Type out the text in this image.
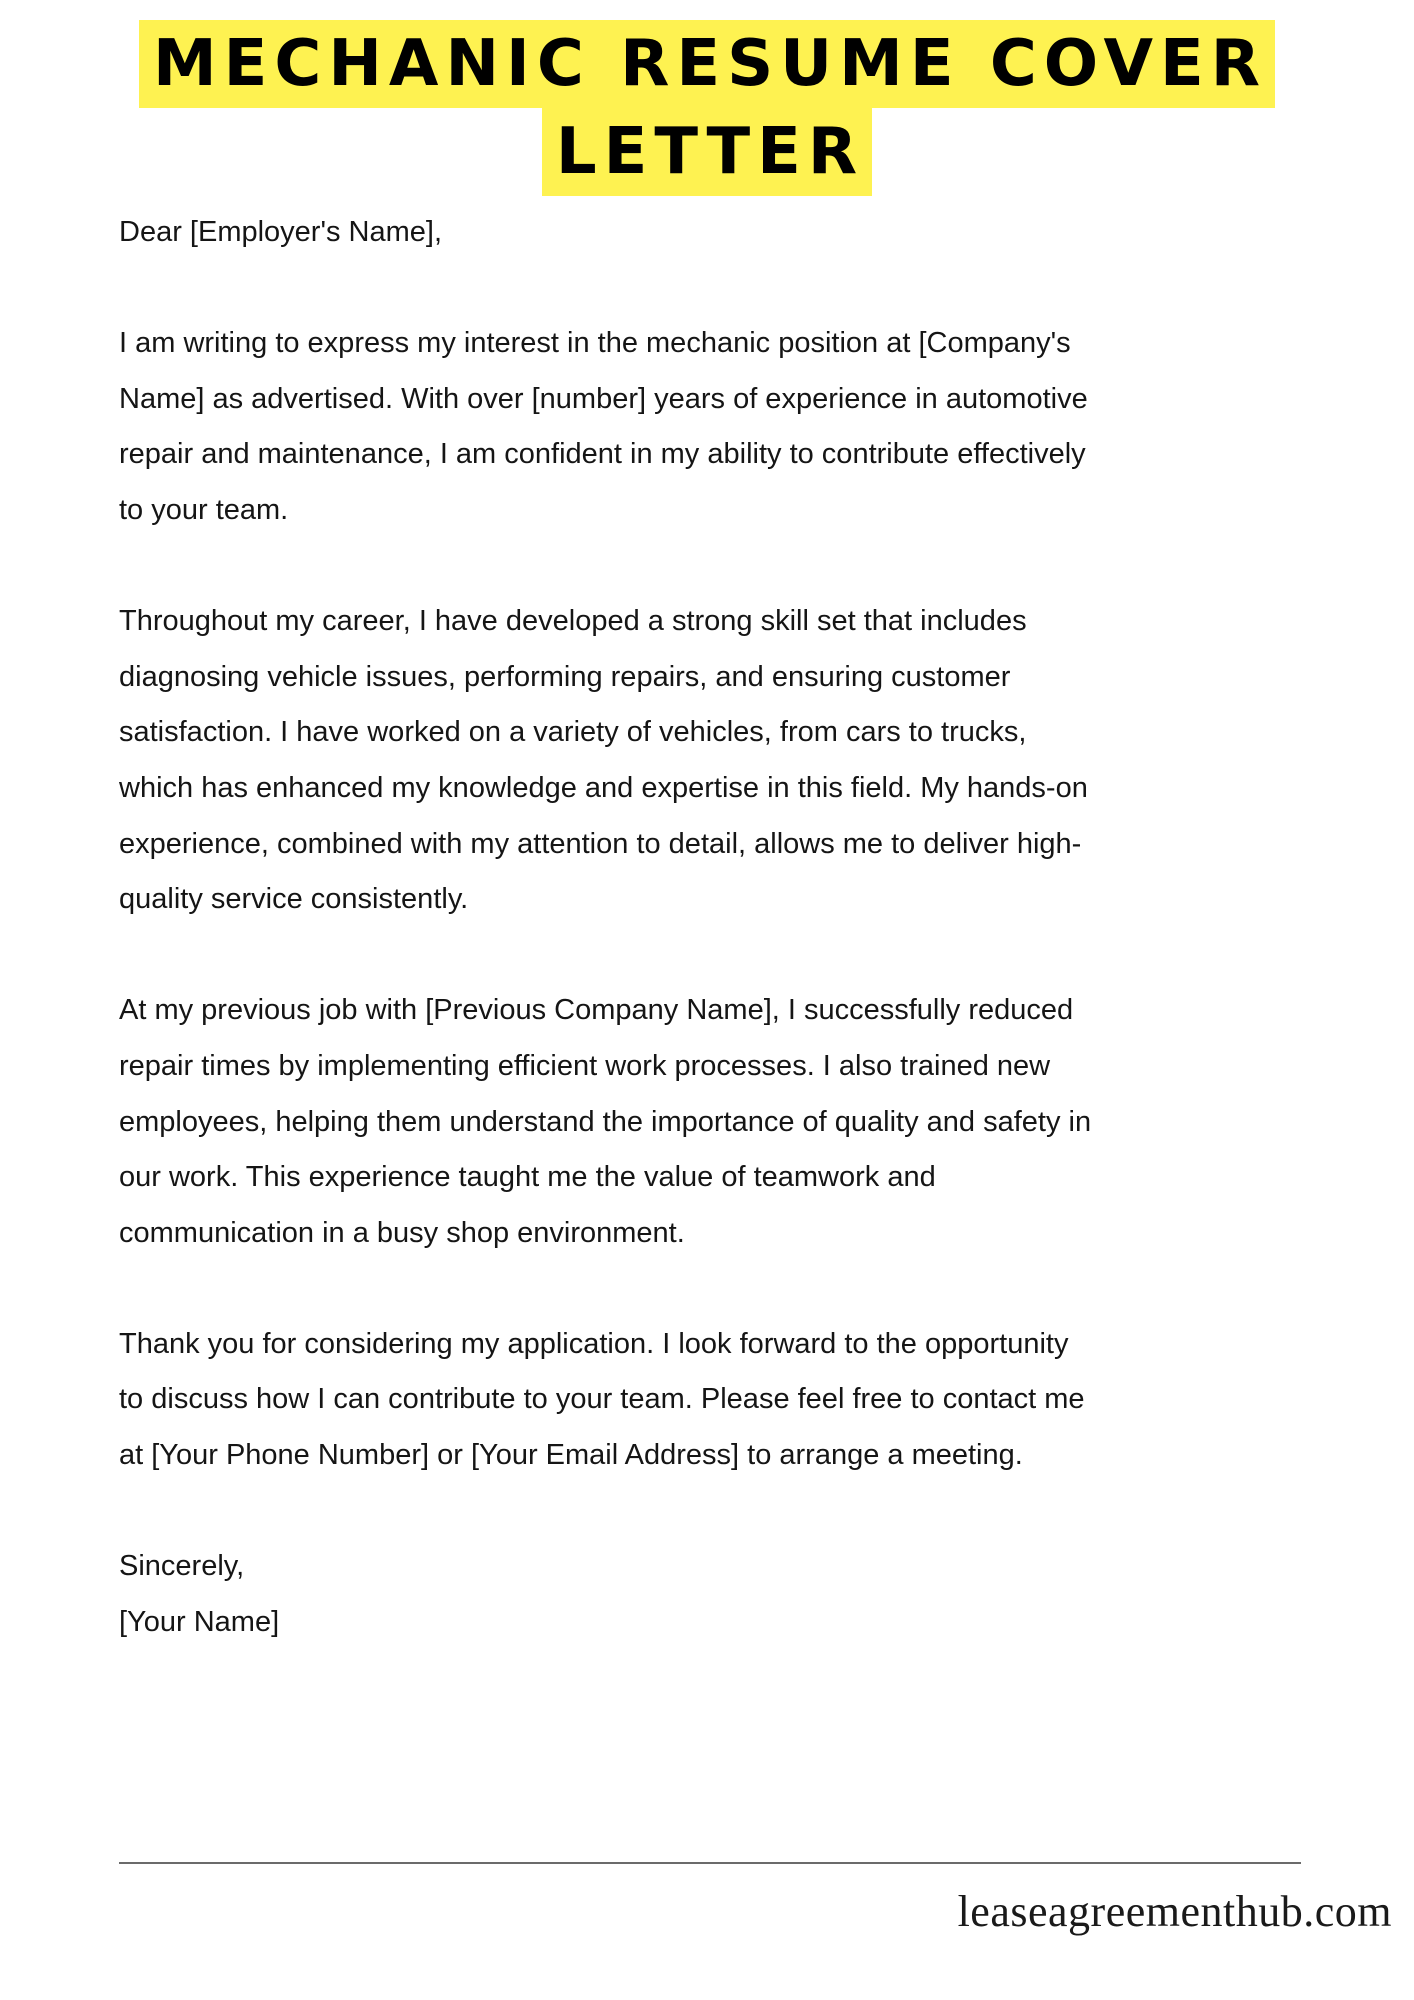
MECHANIC RESUME COVER
LETTER

Dear [Employer's Name],

I am writing to express my interest in the mechanic position at [Company's
Name] as advertised. With over [number] years of experience in automotive
repair and maintenance, I am confident in my ability to contribute effectively
to your team.

Throughout my career, I have developed a strong skill set that includes
diagnosing vehicle issues, performing repairs, and ensuring customer
satisfaction. I have worked on a variety of vehicles, from cars to trucks,
which has enhanced my knowledge and expertise in this field. My hands-on
experience, combined with my attention to detail, allows me to deliver high-
quality service consistently.

At my previous job with [Previous Company Name], I successfully reduced
repair times by implementing efficient work processes. I also trained new
employees, helping them understand the importance of quality and safety in
our work. This experience taught me the value of teamwork and
communication in a busy shop environment.

Thank you for considering my application. I look forward to the opportunity
to discuss how I can contribute to your team. Please feel free to contact me
at [Your Phone Number] or [Your Email Address] to arrange a meeting.

Sincerely,

[Your Name]

leaseagreementhub.com
